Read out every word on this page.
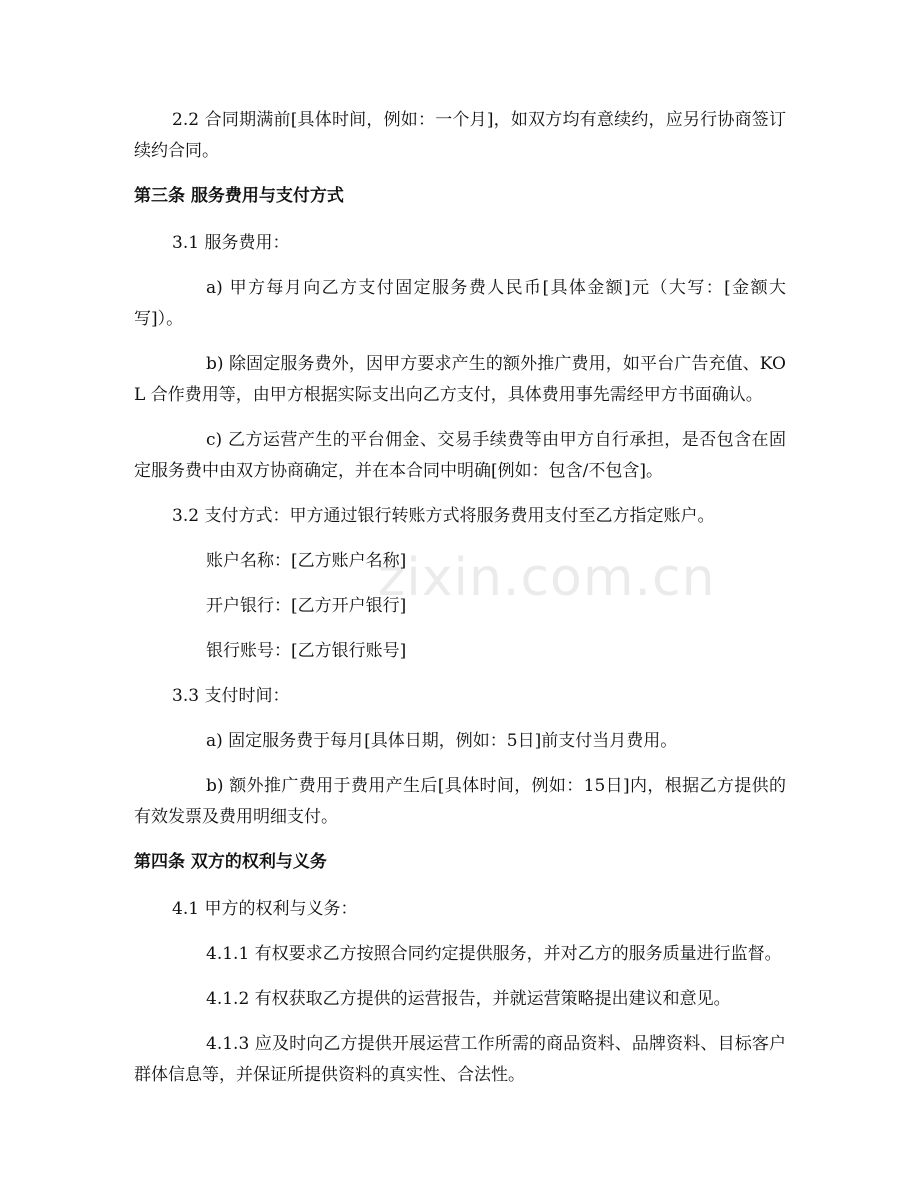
2.2 合同期满前[具体时间，例如：一个月]，如双方均有意续约，应另行协商签订续约合同。

第三条 服务费用与支付方式

3.1 服务费用：

a) 甲方每月向乙方支付固定服务费人民币[具体金额]元（大写：[金额大写]）。

b) 除固定服务费外，因甲方要求产生的额外推广费用，如平台广告充值、KOL 合作费用等，由甲方根据实际支出向乙方支付，具体费用事先需经甲方书面确认。

c) 乙方运营产生的平台佣金、交易手续费等由甲方自行承担，是否包含在固定服务费中由双方协商确定，并在本合同中明确[例如：包含/不包含]。

3.2 支付方式：甲方通过银行转账方式将服务费用支付至乙方指定账户。

账户名称：[乙方账户名称]

开户银行：[乙方开户银行]

银行账号：[乙方银行账号]

3.3 支付时间：

a) 固定服务费于每月[具体日期，例如：5日]前支付当月费用。

b) 额外推广费用于费用产生后[具体时间，例如：15日]内，根据乙方提供的有效发票及费用明细支付。

第四条 双方的权利与义务

4.1 甲方的权利与义务：

4.1.1 有权要求乙方按照合同约定提供服务，并对乙方的服务质量进行监督。

4.1.2 有权获取乙方提供的运营报告，并就运营策略提出建议和意见。

4.1.3 应及时向乙方提供开展运营工作所需的商品资料、品牌资料、目标客户群体信息等，并保证所提供资料的真实性、合法性。

zixin.com.cn
